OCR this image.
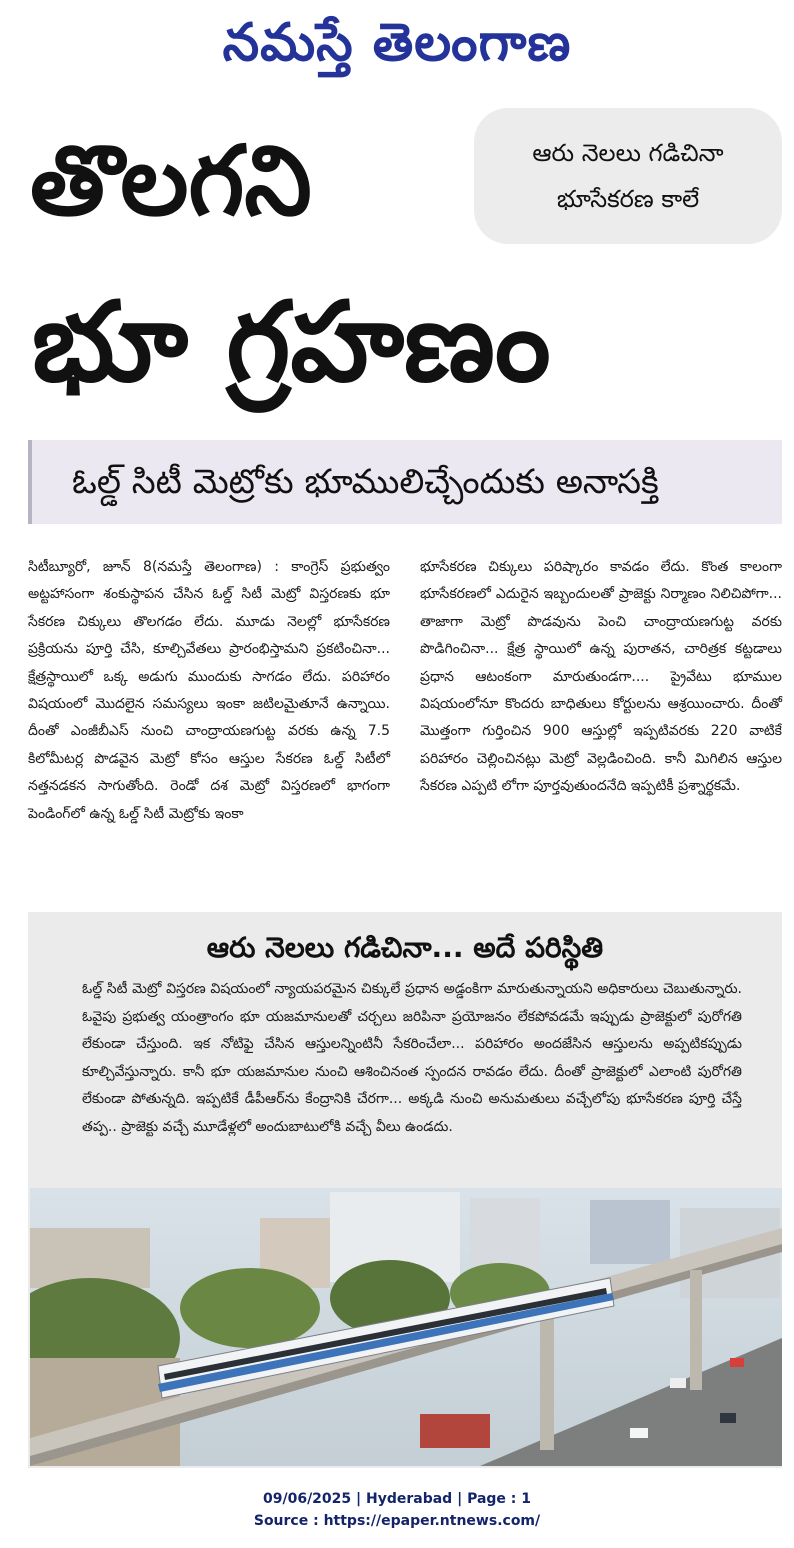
నమస్తే తెలంగాణ
తొలగని
భూ గ్రహణం
ఆరు నెలలు గడిచినా
భూసేకరణ కాలే
ఓల్డ్‌ సిటీ మెట్రోకు భూములిచ్చేందుకు అనాసక్తి

సిటీబ్యూరో, జూన్‌ 8(నమస్తే తెలంగాణ) : కాంగ్రెస్‌ ప్రభుత్వం అట్టహాసంగా శంకుస్థాపన చేసిన ఓల్డ్‌ సిటీ మెట్రో విస్తరణకు భూ సేకరణ చిక్కులు తొలగడం లేదు. మూడు నెలల్లో భూసేకరణ ప్రక్రియను పూర్తి చేసి, కూల్చివేతలు ప్రారంభిస్తామని ప్రకటించినా... క్షేత్రస్థాయిలో ఒక్క అడుగు ముందుకు సాగడం లేదు. పరిహారం విషయంలో మొదలైన సమస్యలు ఇంకా జటిలమైతూనే ఉన్నాయి. దీంతో ఎంజీబీఎస్‌ నుంచి చాంద్రాయణగుట్ట వరకు ఉన్న 7.5 కిలోమీటర్ల పొడవైన మెట్రో కోసం ఆస్తుల సేకరణ ఓల్డ్‌ సిటీలో నత్తనడకన సాగుతోంది. రెండో దశ మెట్రో విస్తరణలో భాగంగా పెండింగ్‌లో ఉన్న ఓల్డ్‌ సిటీ మెట్రోకు ఇంకా

భూసేకరణ చిక్కులు పరిష్కారం కావడం లేదు. కొంత కాలంగా భూసేకరణలో ఎదురైన ఇబ్బందులతో ప్రాజెక్టు నిర్మాణం నిలిచిపోగా... తాజాగా మెట్రో పొడవును పెంచి చాంద్రాయణగుట్ట వరకు పొడిగించినా... క్షేత్ర స్థాయిలో ఉన్న పురాతన, చారిత్రక కట్టడాలు ప్రధాన ఆటంకంగా మారుతుండగా.... ప్రైవేటు భూముల విషయంలోనూ కొందరు బాధితులు కోర్టులను ఆశ్రయించారు. దీంతో మొత్తంగా గుర్తించిన 900 ఆస్తుల్లో ఇప్పటివరకు 220 వాటికే పరిహారం చెల్లించినట్లు మెట్రో వెల్లడించింది. కానీ మిగిలిన ఆస్తుల సేకరణ ఎప్పటి లోగా పూర్తవుతుందనేది ఇప్పటికీ ప్రశ్నార్థకమే.

ఆరు నెలలు గడిచినా... అదే పరిస్థితి
ఓల్డ్‌ సిటీ మెట్రో విస్తరణ విషయంలో న్యాయపరమైన చిక్కులే ప్రధాన అడ్డంకిగా మారుతున్నాయని అధికారులు చెబుతున్నారు. ఓవైపు ప్రభుత్వ యంత్రాంగం భూ యజమానులతో చర్చలు జరిపినా ప్రయోజనం లేకపోవడమే ఇప్పుడు ప్రాజెక్టులో పురోగతి లేకుండా చేస్తుంది. ఇక నోటిఫై చేసిన ఆస్తులన్నింటినీ సేకరించేలా... పరిహారం అందజేసిన ఆస్తులను అప్పటికప్పుడు కూల్చివేస్తున్నారు. కానీ భూ యజమానుల నుంచి ఆశించినంత స్పందన రావడం లేదు. దీంతో ప్రాజెక్టులో ఎలాంటి పురోగతి లేకుండా పోతున్నది. ఇప్పటికే డీపీఆర్‌ను కేంద్రానికి చేరగా... అక్కడి నుంచి అనుమతులు వచ్చేలోపు భూసేకరణ పూర్తి చేస్తే తప్ప.. ప్రాజెక్టు వచ్చే మూడేళ్లలో అందుబాటులోకి వచ్చే వీలు ఉండదు.
09/06/2025 | Hyderabad | Page : 1
Source : https://epaper.ntnews.com/
